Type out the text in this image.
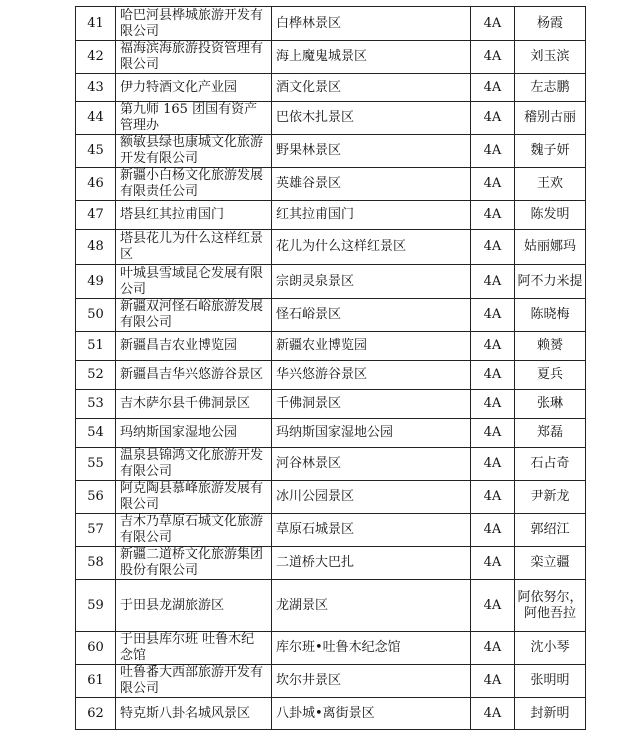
41	哈巴河县桦城旅游开发有限公司	白桦林景区	4A	杨霞
42	福海滨海旅游投资管理有限公司	海上魔鬼城景区	4A	刘玉滨
43	伊力特酒文化产业园	酒文化景区	4A	左志鹏
44	第九师 165 团国有资产管理办	巴依木扎景区	4A	稽别古丽
45	额敏县绿也康城文化旅游开发有限公司	野果林景区	4A	魏子妍
46	新疆小白杨文化旅游发展有限责任公司	英雄谷景区	4A	王欢
47	塔县红其拉甫国门	红其拉甫国门	4A	陈发明
48	塔县花儿为什么这样红景区	花儿为什么这样红景区	4A	姑丽娜玛
49	叶城县雪域昆仑发展有限公司	宗朗灵泉景区	4A	阿不力米提
50	新疆双河怪石峪旅游发展有限公司	怪石峪景区	4A	陈晓梅
51	新疆昌吉农业博览园	新疆农业博览园	4A	赖赟
52	新疆昌吉华兴悠游谷景区	华兴悠游谷景区	4A	夏兵
53	吉木萨尔县千佛洞景区	千佛洞景区	4A	张琳
54	玛纳斯国家湿地公园	玛纳斯国家湿地公园	4A	郑磊
55	温泉县锦鸿文化旅游开发有限公司	河谷林景区	4A	石占奇
56	阿克陶县慕峰旅游发展有限公司	冰川公园景区	4A	尹新龙
57	吉木乃草原石城文化旅游有限公司	草原石城景区	4A	郭绍江
58	新疆二道桥文化旅游集团股份有限公司	二道桥大巴扎	4A	栾立疆
59	于田县龙湖旅游区	龙湖景区	4A	阿依努尔，阿他吾拉
60	于田县库尔班 吐鲁木纪念馆	库尔班•吐鲁木纪念馆	4A	沈小琴
61	吐鲁番大西部旅游开发有限公司	坎尔井景区	4A	张明明
62	特克斯八卦名城风景区	八卦城•离街景区	4A	封新明
